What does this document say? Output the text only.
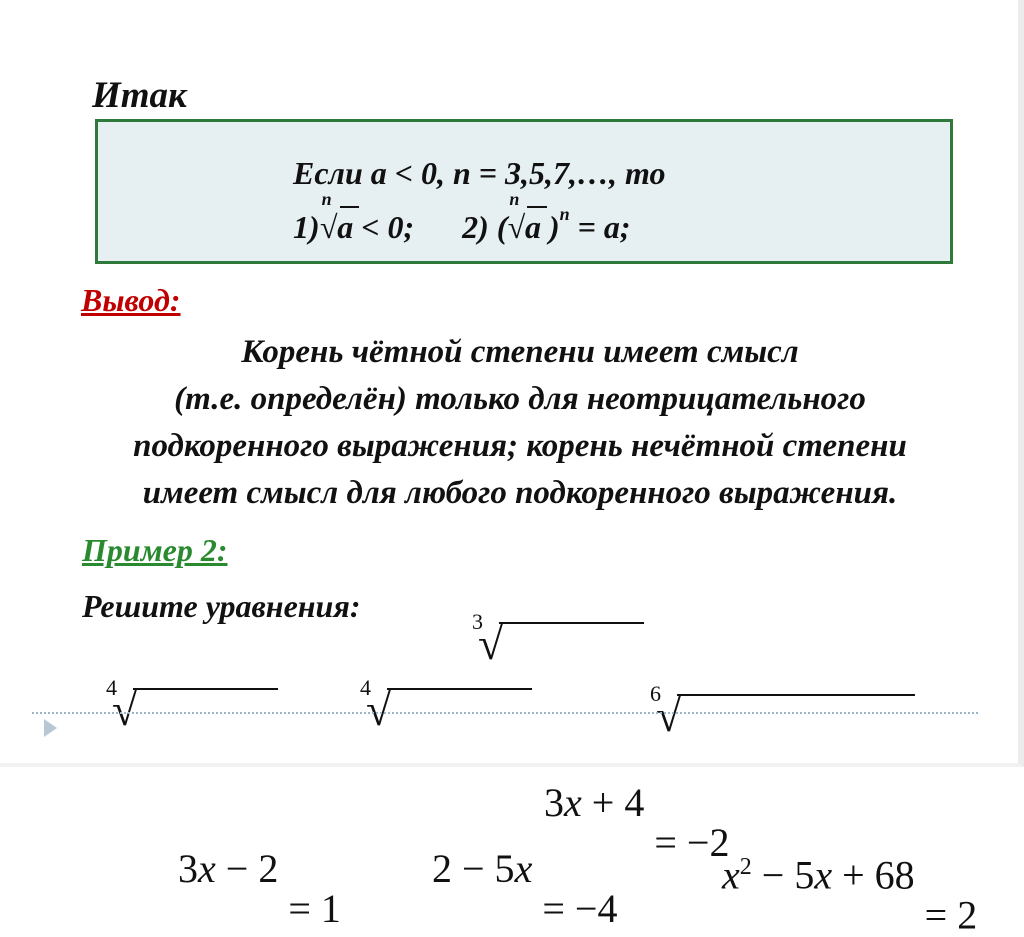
Итак
Если a < 0, n = 3,5,7,…, то
1)
n
√
a < 0; 2) (
n
√
a )$^n$ = a;
Вывод:
Корень чётной степени имеет смысл
(т.е. определён) только для неотрицательного
подкоренного выражения; корень нечётной степени
имеет смысл для любого подкоренного выражения.
Пример 2:
Решите уравнения:

	3

√

3x + 4
= −2

4

√

3x − 2
= 1

4

√

2 − 5x
= −4

6

√

$x^2 - 5x + 68$
= 2
